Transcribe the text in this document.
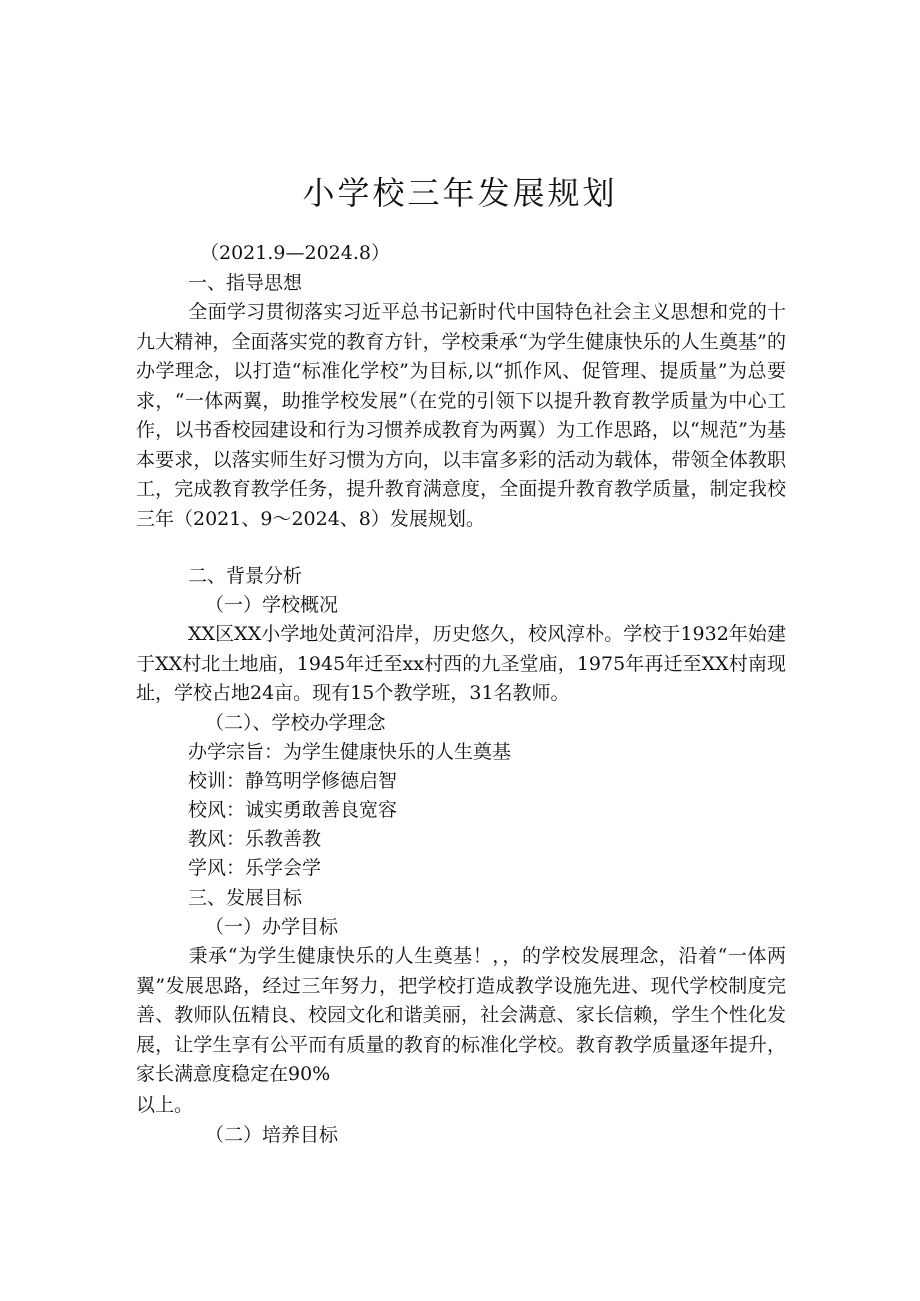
小学校三年发展规划

（2021.9—2024.8）

一、指导思想

全面学习贯彻落实习近平总书记新时代中国特色社会主义思想和党的十九大精神，全面落实党的教育方针，学校秉承“为学生健康快乐的人生奠基”的办学理念，以打造“标准化学校”为目标,以“抓作风、促管理、提质量”为总要求，“一体两翼，助推学校发展”（在党的引领下以提升教育教学质量为中心工作，以书香校园建设和行为习惯养成教育为两翼）为工作思路，以“规范”为基本要求，以落实师生好习惯为方向，以丰富多彩的活动为载体，带领全体教职工，完成教育教学任务，提升教育满意度，全面提升教育教学质量，制定我校三年（2021、9～2024、8）发展规划。

二、背景分析

（一）学校概况

XX区XX小学地处黄河沿岸，历史悠久，校风淳朴。学校于1932年始建于XX村北土地庙，1945年迁至xx村西的九圣堂庙，1975年再迁至XX村南现址，学校占地24亩。现有15个教学班，31名教师。

（二）、学校办学理念

办学宗旨：为学生健康快乐的人生奠基

校训：静笃明学修德启智

校风：诚实勇敢善良宽容

教风：乐教善教

学风：乐学会学

三、发展目标

（一）办学目标

秉承“为学生健康快乐的人生奠基！，，的学校发展理念，沿着“一体两翼”发展思路，经过三年努力，把学校打造成教学设施先进、现代学校制度完善、教师队伍精良、校园文化和谐美丽，社会满意、家长信赖，学生个性化发展，让学生享有公平而有质量的教育的标准化学校。教育教学质量逐年提升，家长满意度稳定在90%

以上。

（二）培养目标
